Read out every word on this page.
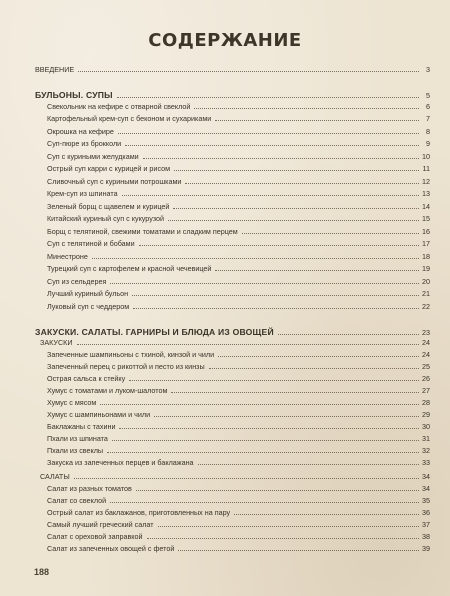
СОДЕРЖАНИЕ
ВВЕДЕНИЕ	3
БУЛЬОНЫ. СУПЫ	5
Свекольник на кефире с отварной свеклой	6
Картофельный крем-суп с беконом и сухариками	7
Окрошка на кефире	8
Суп-пюре из брокколи	9
Суп с куриными желудками	10
Острый суп карри с курицей и рисом	11
Сливочный суп с куриными потрошками	12
Крем-суп из шпината	13
Зеленый борщ с щавелем и курицей	14
Китайский куриный суп с кукурузой	15
Борщ с телятиной, свежими томатами и сладким перцем	16
Суп с телятиной и бобами	17
Минестроне	18
Турецкий суп с картофелем и красной чечевицей	19
Суп из сельдерея	20
Лучший куриный бульон	21
Луковый суп с чеддером	22
ЗАКУСКИ. САЛАТЫ. ГАРНИРЫ И БЛЮДА ИЗ ОВОЩЕЙ	23
ЗАКУСКИ	24
Запеченные шампиньоны с тхиной, кинзой и чили	24
Запеченный перец с рикоттой и песто из кинзы	25
Острая сальса к стейку	26
Хумус с томатами и луком-шалотом	27
Хумус с мясом	28
Хумус с шампиньонами и чили	29
Баклажаны с тахини	30
Пхали из шпината	31
Пхали из свеклы	32
Закуска из запеченных перцев и баклажана	33
САЛАТЫ	34
Салат из разных томатов	34
Салат со свеклой	35
Острый салат из баклажанов, приготовленных на пару	36
Самый лучший греческий салат	37
Салат с ореховой заправкой	38
Салат из запеченных овощей с фетой	39
188
